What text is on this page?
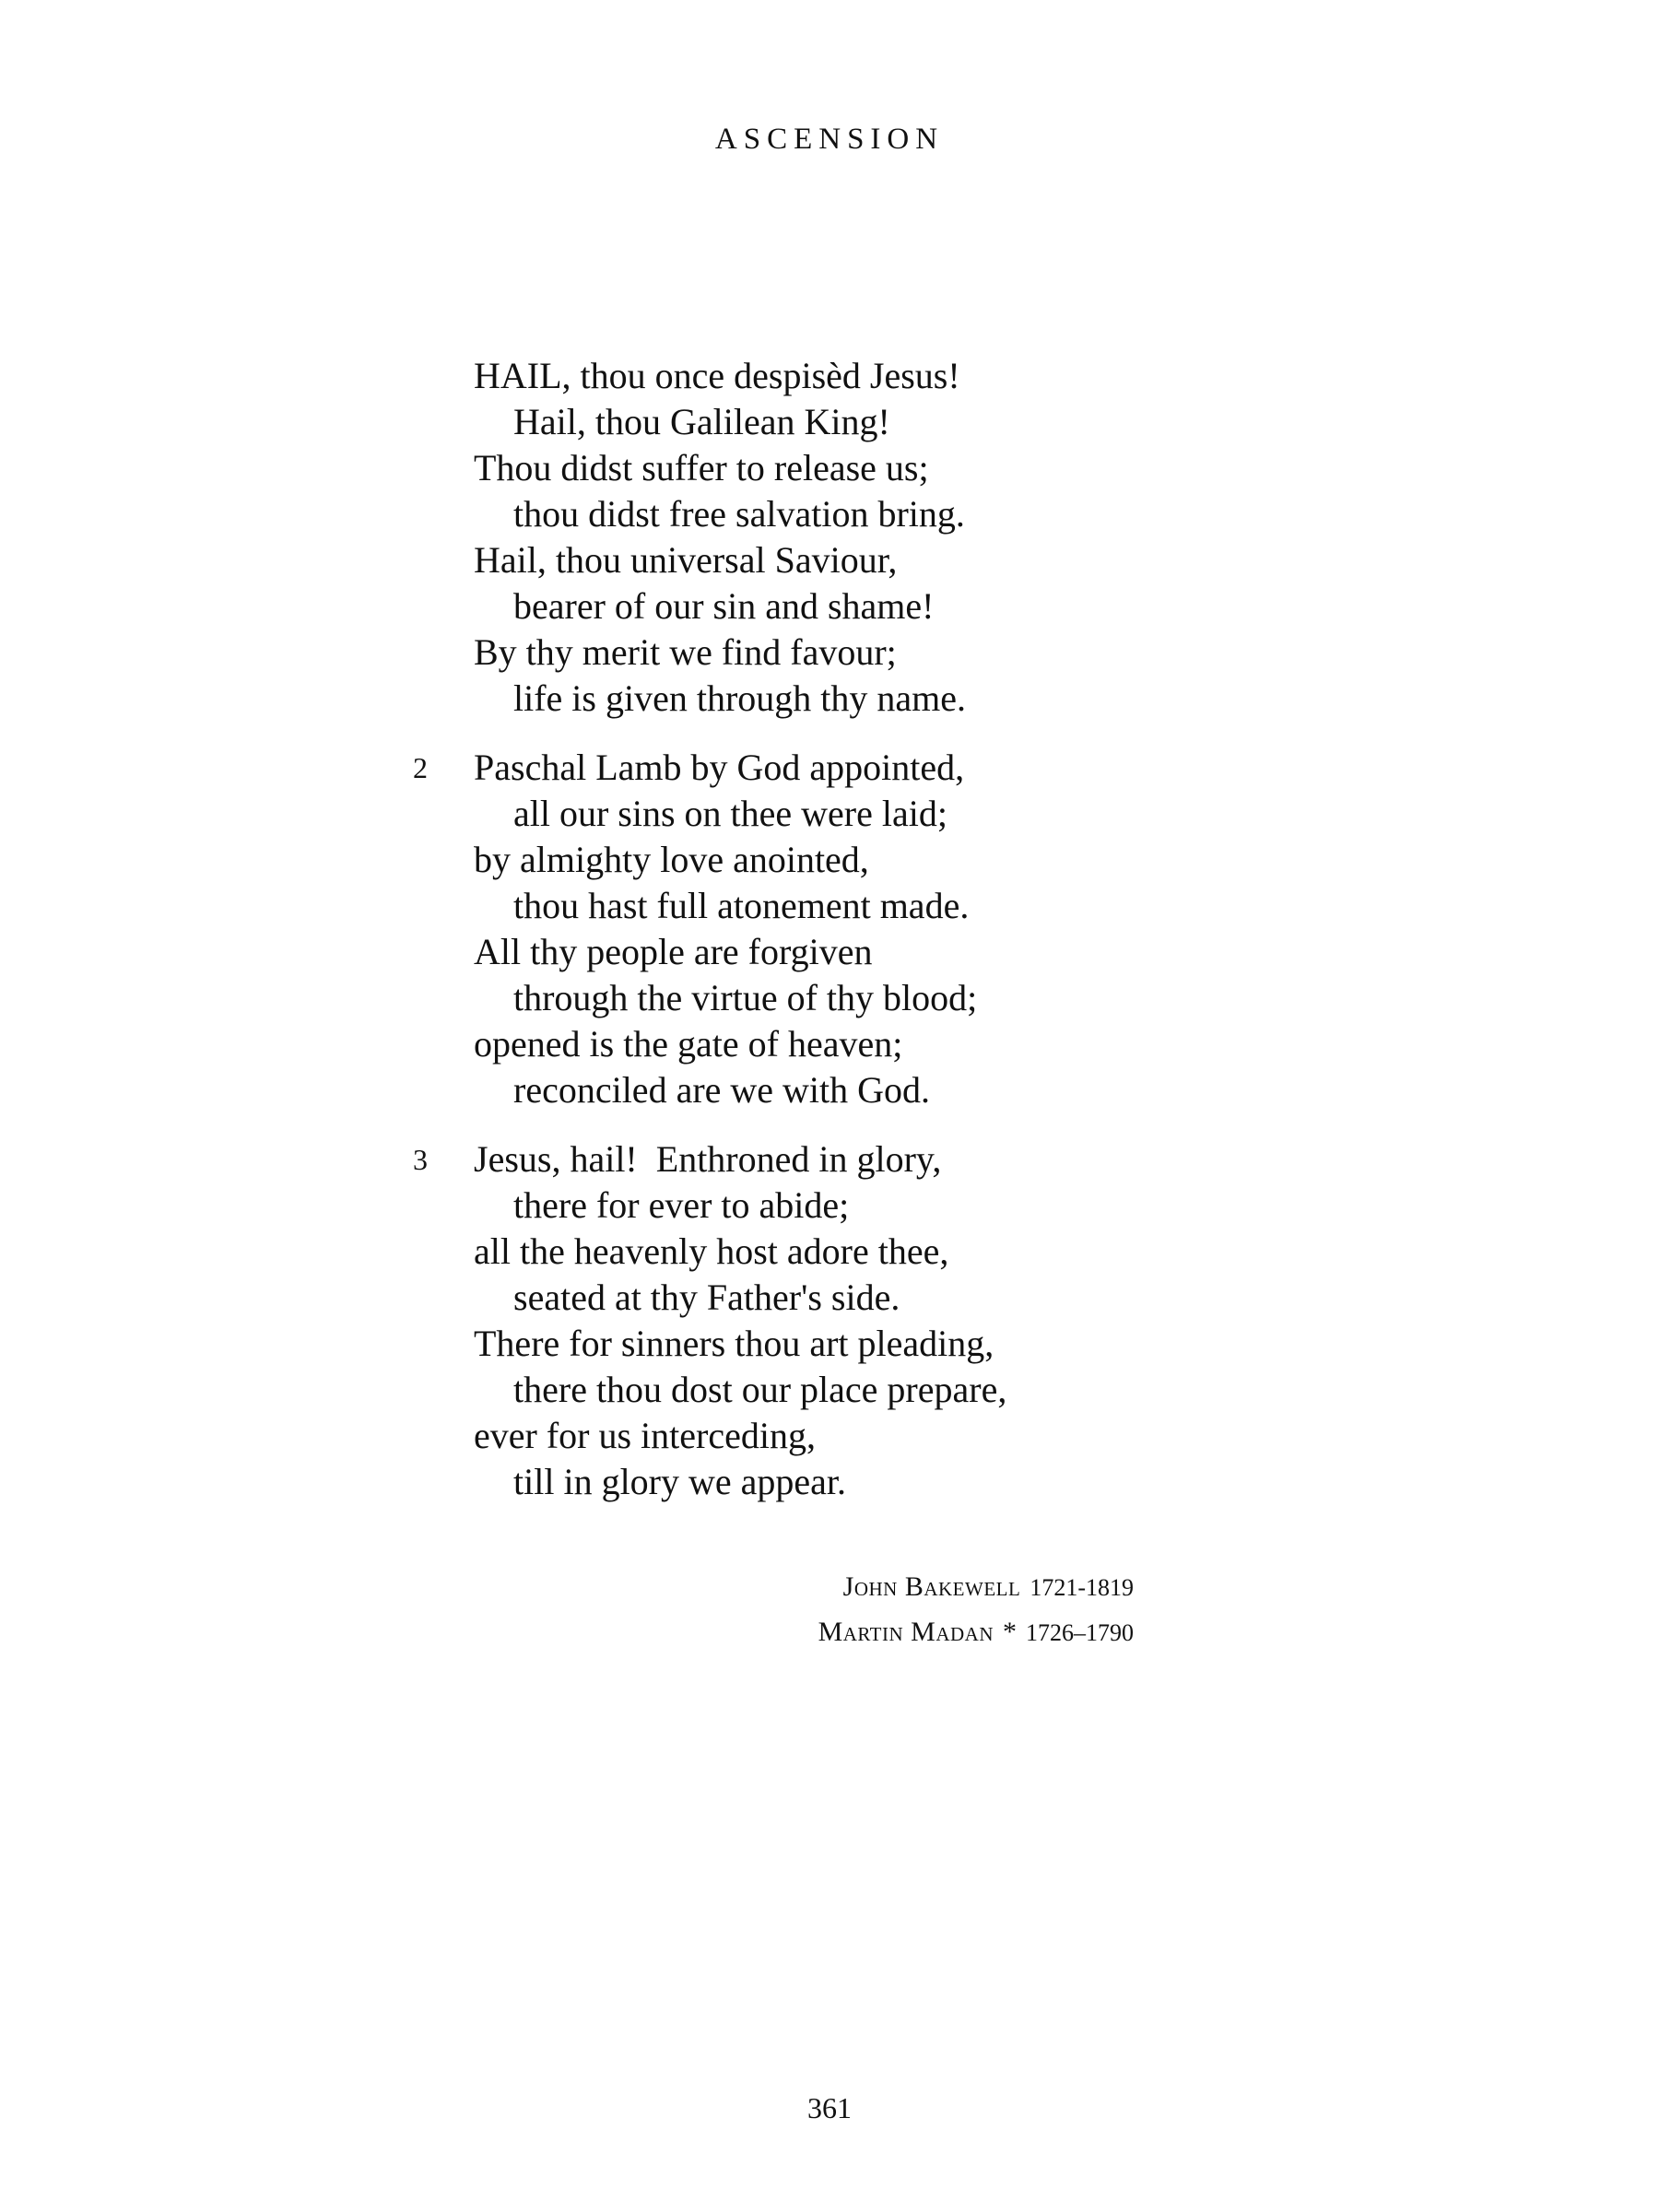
ASCENSION
HAIL, thou once despisèd Jesus!
Hail, thou Galilean King!
Thou didst suffer to release us;
thou didst free salvation bring.
Hail, thou universal Saviour,
bearer of our sin and shame!
By thy merit we find favour;
life is given through thy name.
2 Paschal Lamb by God appointed,
all our sins on thee were laid;
by almighty love anointed,
thou hast full atonement made.
All thy people are forgiven
through the virtue of thy blood;
opened is the gate of heaven;
reconciled are we with God.
3 Jesus, hail!  Enthroned in glory,
there for ever to abide;
all the heavenly host adore thee,
seated at thy Father's side.
There for sinners thou art pleading,
there thou dost our place prepare,
ever for us interceding,
till in glory we appear.
John Bakewell 1721-1819
Martin Madan * 1726–1790
361
